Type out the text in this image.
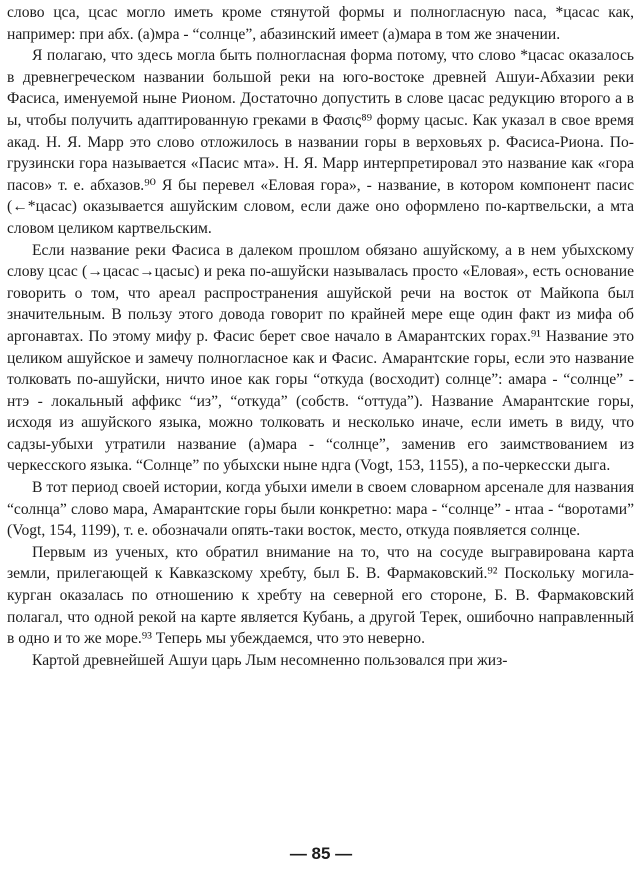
слово цса, цсас могло иметь кроме стянутой формы и полногласную nаса, *цасас как, например: при абх. (а)мра - “солнце”, абазинский имеет (а)мара в том же значении.

Я полагаю, что здесь могла быть полногласная форма потому, что слово *цасас оказалось в древнегреческом названии большой реки на юго-востоке древней Ашуи-Абхазии реки Фасиса, именуемой ныне Рионом. Достаточно допустить в слове цасас редукцию второго а в ы, чтобы получить адаптированную греками в Φασις⁸⁹ форму цасыс. Как указал в свое время акад. Н. Я. Марр это слово отложилось в названии горы в верховьях р. Фасиса-Риона. По-грузински гора называется «Пасис мта». Н. Я. Марр интерпретировал это название как «гора пасов» т. е. абхазов.⁹⁰ Я бы перевел «Еловая гора», - название, в котором компонент пасис (←*цасас) оказывается ашуйским словом, если даже оно оформлено по-картвельски, а мта словом целиком картвельским.

Если название реки Фасиса в далеком прошлом обязано ашуйскому, а в нем убыхскому слову цсас (→цасас→цасыс) и река по-ашуйски называлась просто «Еловая», есть основание говорить о том, что ареал распространения ашуйской речи на восток от Майкопа был значительным. В пользу этого довода говорит по крайней мере еще один факт из мифа об аргонавтах. По этому мифу р. Фасис берет свое начало в Амарантских горах.⁹¹ Название это целиком ашуйское и замечу полногласное как и Фасис. Амарантские горы, если это название толковать по-ашуйски, ничто иное как горы “откуда (восходит) солнце”: амара - “солнце” - нтэ - локальный аффикс “из”, “откуда” (собств. “оттуда”). Название Амарантские горы, исходя из ашуйского языка, можно толковать и несколько иначе, если иметь в виду, что садзы-убыхи утратили название (а)мара - “солнце”, заменив его заимствованием из черкесского языка. “Солнце” по убыхски ныне ндга (Vogt, 153, 1155), а по-черкесски дыга.

В тот период своей истории, когда убыхи имели в своем словарном арсенале для названия “солнца” слово мара, Амарантские горы были конкретно: мара - “солнце” - нтаа - “воротами” (Vogt, 154, 1199), т. е. обозначали опять-таки восток, место, откуда появляется солнце.

Первым из ученых, кто обратил внимание на то, что на сосуде выгравирована карта земли, прилегающей к Кавказскому хребту, был Б. В. Фармаковский.⁹² Поскольку могила-курган оказалась по отношению к хребту на северной его стороне, Б. В. Фармаковский полагал, что одной рекой на карте является Кубань, а другой Терек, ошибочно направленный в одно и то же море.⁹³ Теперь мы убеждаемся, что это неверно.

Картой древнейшей Ашуи царь Лым несомненно пользовался при жиз-

— 85 —
